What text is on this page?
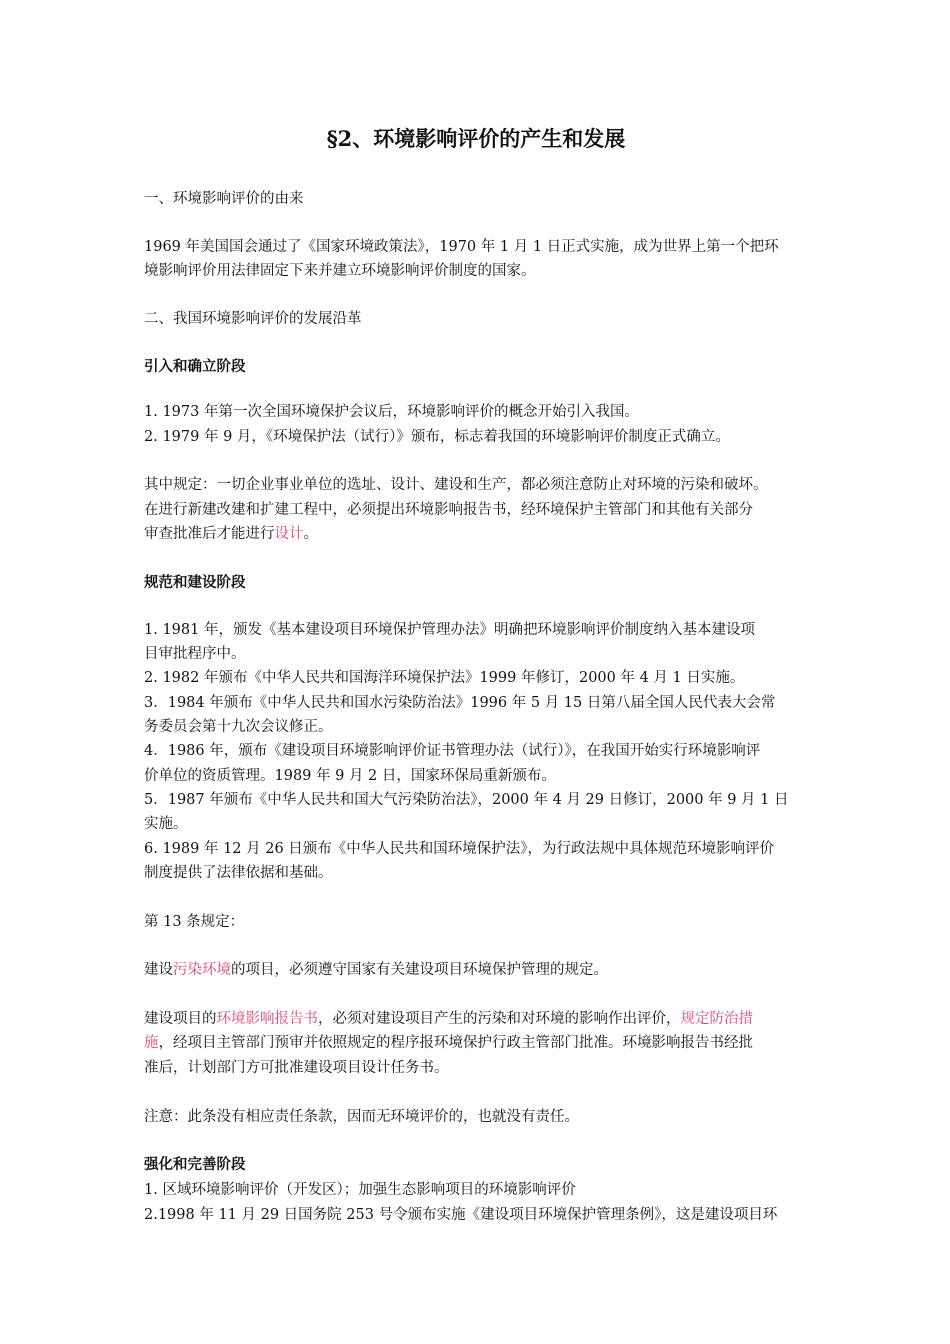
§2、环境影响评价的产生和发展
一、环境影响评价的由来
1969 年美国国会通过了《国家环境政策法》，1970 年 1 月 1 日正式实施，成为世界上第一个把环
境影响评价用法律固定下来并建立环境影响评价制度的国家。
二、我国环境影响评价的发展沿革
引入和确立阶段
1. 1973 年第一次全国环境保护会议后，环境影响评价的概念开始引入我国。
2. 1979 年 9 月，《环境保护法（试行）》颁布，标志着我国的环境影响评价制度正式确立。
其中规定：一切企业事业单位的选址、设计、建设和生产，都必须注意防止对环境的污染和破坏。
在进行新建改建和扩建工程中，必须提出环境影响报告书，经环境保护主管部门和其他有关部分
审查批准后才能进行设计。
规范和建设阶段
1. 1981 年，颁发《基本建设项目环境保护管理办法》明确把环境影响评价制度纳入基本建设项
目审批程序中。
2. 1982 年颁布《中华人民共和国海洋环境保护法》1999 年修订，2000 年 4 月 1 日实施。
3．1984 年颁布《中华人民共和国水污染防治法》1996 年 5 月 15 日第八届全国人民代表大会常
务委员会第十九次会议修正。
4．1986 年，颁布《建设项目环境影响评价证书管理办法（试行）》，在我国开始实行环境影响评
价单位的资质管理。1989 年 9 月 2 日，国家环保局重新颁布。
5．1987 年颁布《中华人民共和国大气污染防治法》，2000 年 4 月 29 日修订，2000 年 9 月 1 日
实施。
6. 1989 年 12 月 26 日颁布《中华人民共和国环境保护法》，为行政法规中具体规范环境影响评价
制度提供了法律依据和基础。
第 13 条规定：
建设污染环境的项目，必须遵守国家有关建设项目环境保护管理的规定。
建设项目的环境影响报告书，必须对建设项目产生的污染和对环境的影响作出评价，规定防治措
施，经项目主管部门预审并依照规定的程序报环境保护行政主管部门批准。环境影响报告书经批
准后，计划部门方可批准建设项目设计任务书。
注意：此条没有相应责任条款，因而无环境评价的，也就没有责任。
强化和完善阶段
1. 区域环境影响评价（开发区）；加强生态影响项目的环境影响评价
2.1998 年 11 月 29 日国务院 253 号令颁布实施《建设项目环境保护管理条例》，这是建设项目环
